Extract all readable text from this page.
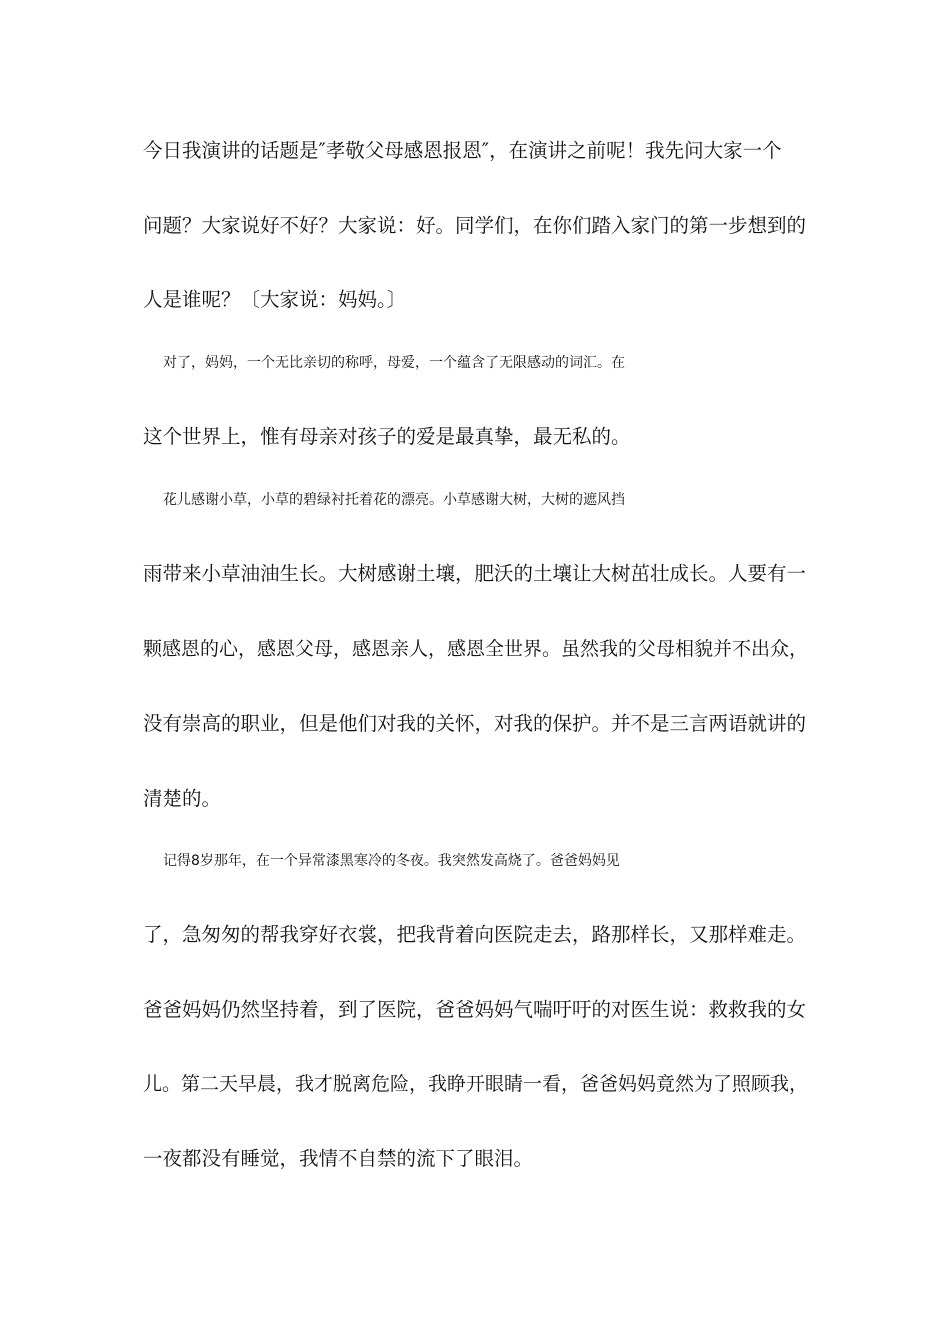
今日我演讲的话题是″孝敬父母感恩报恩″，在演讲之前呢！我先问大家一个
问题？大家说好不好？大家说：好。同学们，在你们踏入家门的第一步想到的
人是谁呢？〔大家说：妈妈。〕
对了，妈妈，一个无比亲切的称呼，母爱，一个蕴含了无限感动的词汇。在
这个世界上，惟有母亲对孩子的爱是最真挚，最无私的。
花儿感谢小草，小草的碧绿衬托着花的漂亮。小草感谢大树，大树的遮风挡
雨带来小草油油生长。大树感谢土壤，肥沃的土壤让大树茁壮成长。人要有一
颗感恩的心，感恩父母，感恩亲人，感恩全世界。虽然我的父母相貌并不出众，
没有崇高的职业，但是他们对我的关怀，对我的保护。并不是三言两语就讲的
清楚的。
记得8岁那年，在一个异常漆黑寒冷的冬夜。我突然发高烧了。爸爸妈妈见
了，急匆匆的帮我穿好衣裳，把我背着向医院走去，路那样长，又那样难走。
爸爸妈妈仍然坚持着，到了医院，爸爸妈妈气喘吁吁的对医生说：救救我的女
儿。第二天早晨，我才脱离危险，我睁开眼睛一看，爸爸妈妈竟然为了照顾我，
一夜都没有睡觉，我情不自禁的流下了眼泪。
